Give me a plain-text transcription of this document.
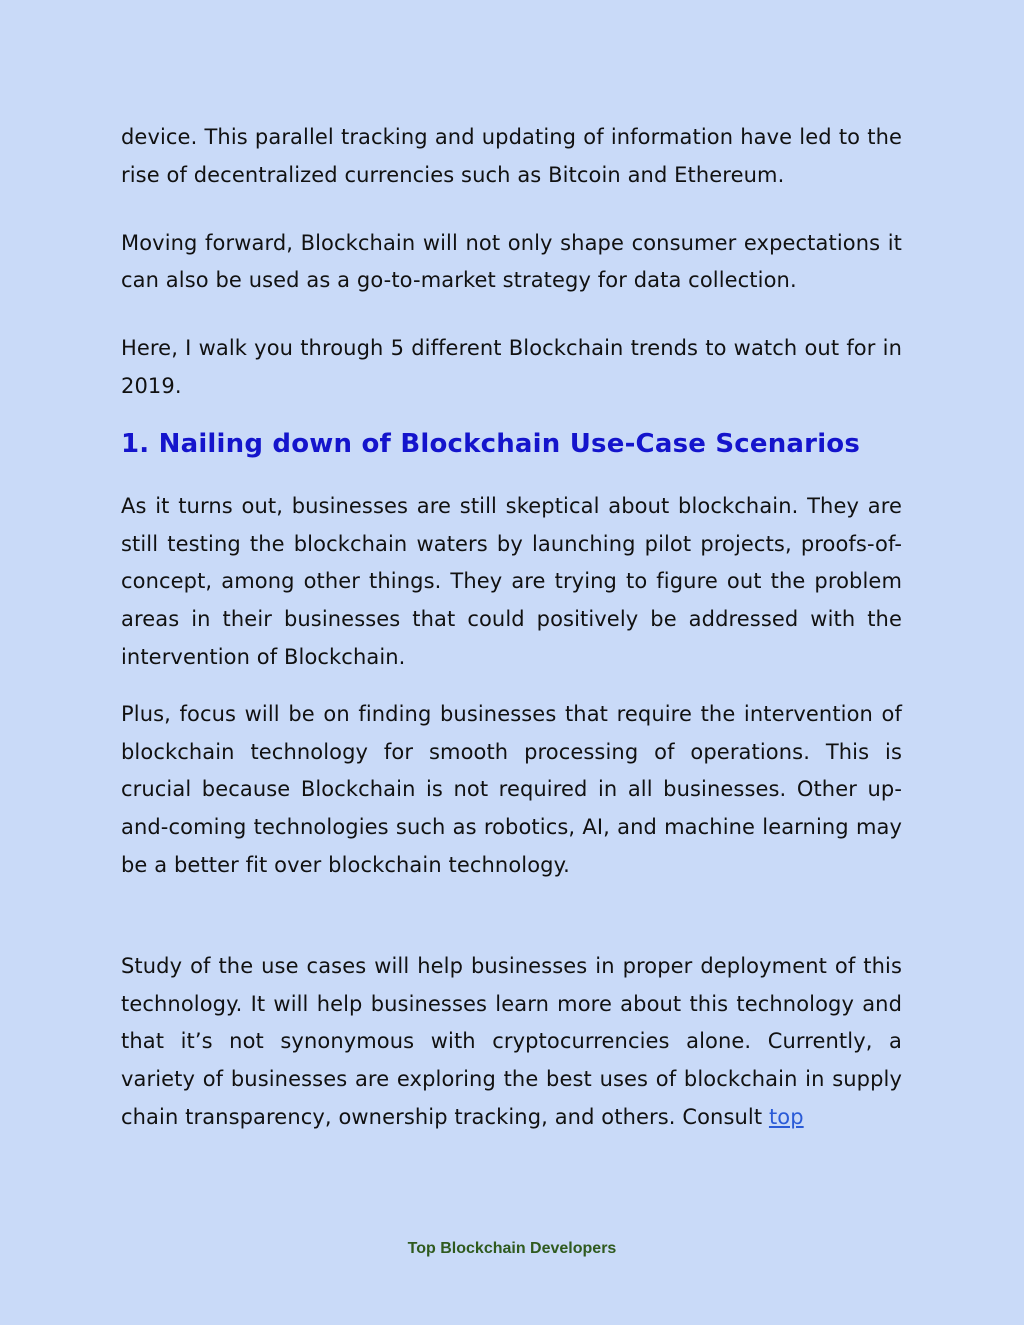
device. This parallel tracking and updating of information have led to the rise of decentralized currencies such as Bitcoin and Ethereum.

Moving forward, Blockchain will not only shape consumer expectations it can also be used as a go-to-market strategy for data collection.

Here, I walk you through 5 different Blockchain trends to watch out for in 2019.

1. Nailing down of Blockchain Use-Case Scenarios

As it turns out, businesses are still skeptical about blockchain. They are still testing the blockchain waters by launching pilot projects, proofs-of-concept, among other things. They are trying to figure out the problem areas in their businesses that could positively be addressed with the intervention of Blockchain.

Plus, focus will be on finding businesses that require the intervention of blockchain technology for smooth processing of operations. This is crucial because Blockchain is not required in all businesses. Other up-and-coming technologies such as robotics, AI, and machine learning may be a better fit over blockchain technology.

Study of the use cases will help businesses in proper deployment of this technology. It will help businesses learn more about this technology and that it’s not synonymous with cryptocurrencies alone. Currently, a variety of businesses are exploring the best uses of blockchain in supply chain transparency, ownership tracking, and others. Consult top

Top Blockchain Developers
